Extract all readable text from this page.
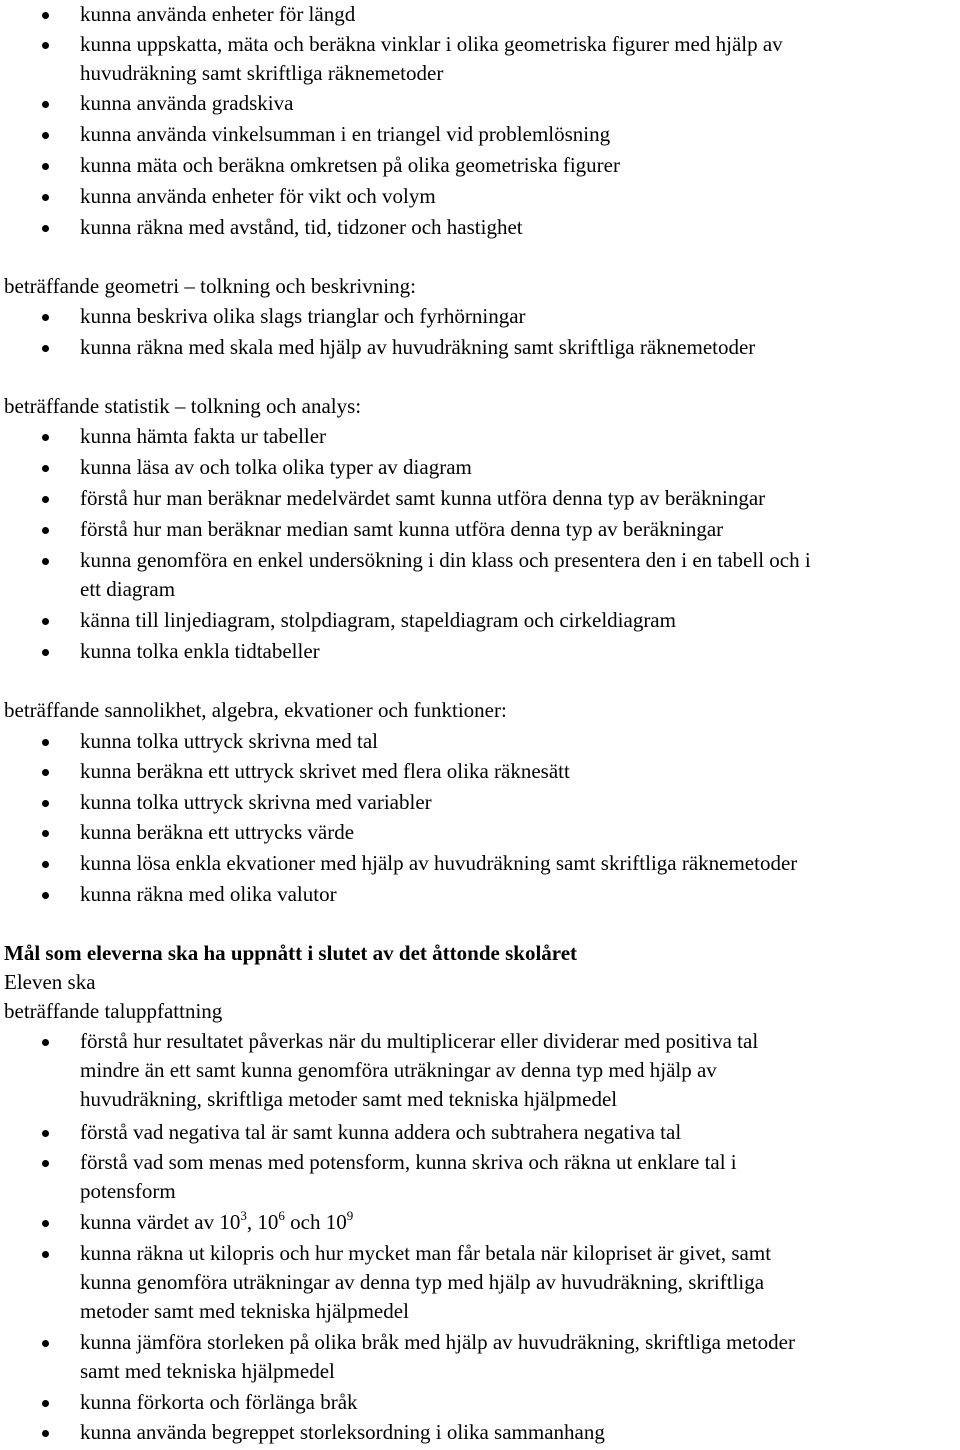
kunna använda enheter för längd
kunna uppskatta, mäta och beräkna vinklar i olika geometriska figurer med hjälp av
huvudräkning samt skriftliga räknemetoder
kunna använda gradskiva
kunna använda vinkelsumman i en triangel vid problemlösning
kunna mäta och beräkna omkretsen på olika geometriska figurer
kunna använda enheter för vikt och volym
kunna räkna med avstånd, tid, tidzoner och hastighet
beträffande geometri – tolkning och beskrivning:
kunna beskriva olika slags trianglar och fyrhörningar
kunna räkna med skala med hjälp av huvudräkning samt skriftliga räknemetoder
beträffande statistik – tolkning och analys:
kunna hämta fakta ur tabeller
kunna läsa av och tolka olika typer av diagram
förstå hur man beräknar medelvärdet samt kunna utföra denna typ av beräkningar
förstå hur man beräknar median samt kunna utföra denna typ av beräkningar
kunna genomföra en enkel undersökning i din klass och presentera den i en tabell och i
ett diagram
känna till linjediagram, stolpdiagram, stapeldiagram och cirkeldiagram
kunna tolka enkla tidtabeller
beträffande sannolikhet, algebra, ekvationer och funktioner:
kunna tolka uttryck skrivna med tal
kunna beräkna ett uttryck skrivet med flera olika räknesätt
kunna tolka uttryck skrivna med variabler
kunna beräkna ett uttrycks värde
kunna lösa enkla ekvationer med hjälp av huvudräkning samt skriftliga räknemetoder
kunna räkna med olika valutor
Mål som eleverna ska ha uppnått i slutet av det åttonde skolåret
Eleven ska
beträffande taluppfattning
förstå hur resultatet påverkas när du multiplicerar eller dividerar med positiva tal
mindre än ett samt kunna genomföra uträkningar av denna typ med hjälp av
huvudräkning, skriftliga metoder samt med tekniska hjälpmedel
förstå vad negativa tal är samt kunna addera och subtrahera negativa tal
förstå vad som menas med potensform, kunna skriva och räkna ut enklare tal i
potensform
kunna värdet av $10^3$, $10^6$ och $10^9$
kunna räkna ut kilopris och hur mycket man får betala när kilopriset är givet, samt
kunna genomföra uträkningar av denna typ med hjälp av huvudräkning, skriftliga
metoder samt med tekniska hjälpmedel
kunna jämföra storleken på olika bråk med hjälp av huvudräkning, skriftliga metoder
samt med tekniska hjälpmedel
kunna förkorta och förlänga bråk
kunna använda begreppet storleksordning i olika sammanhang
